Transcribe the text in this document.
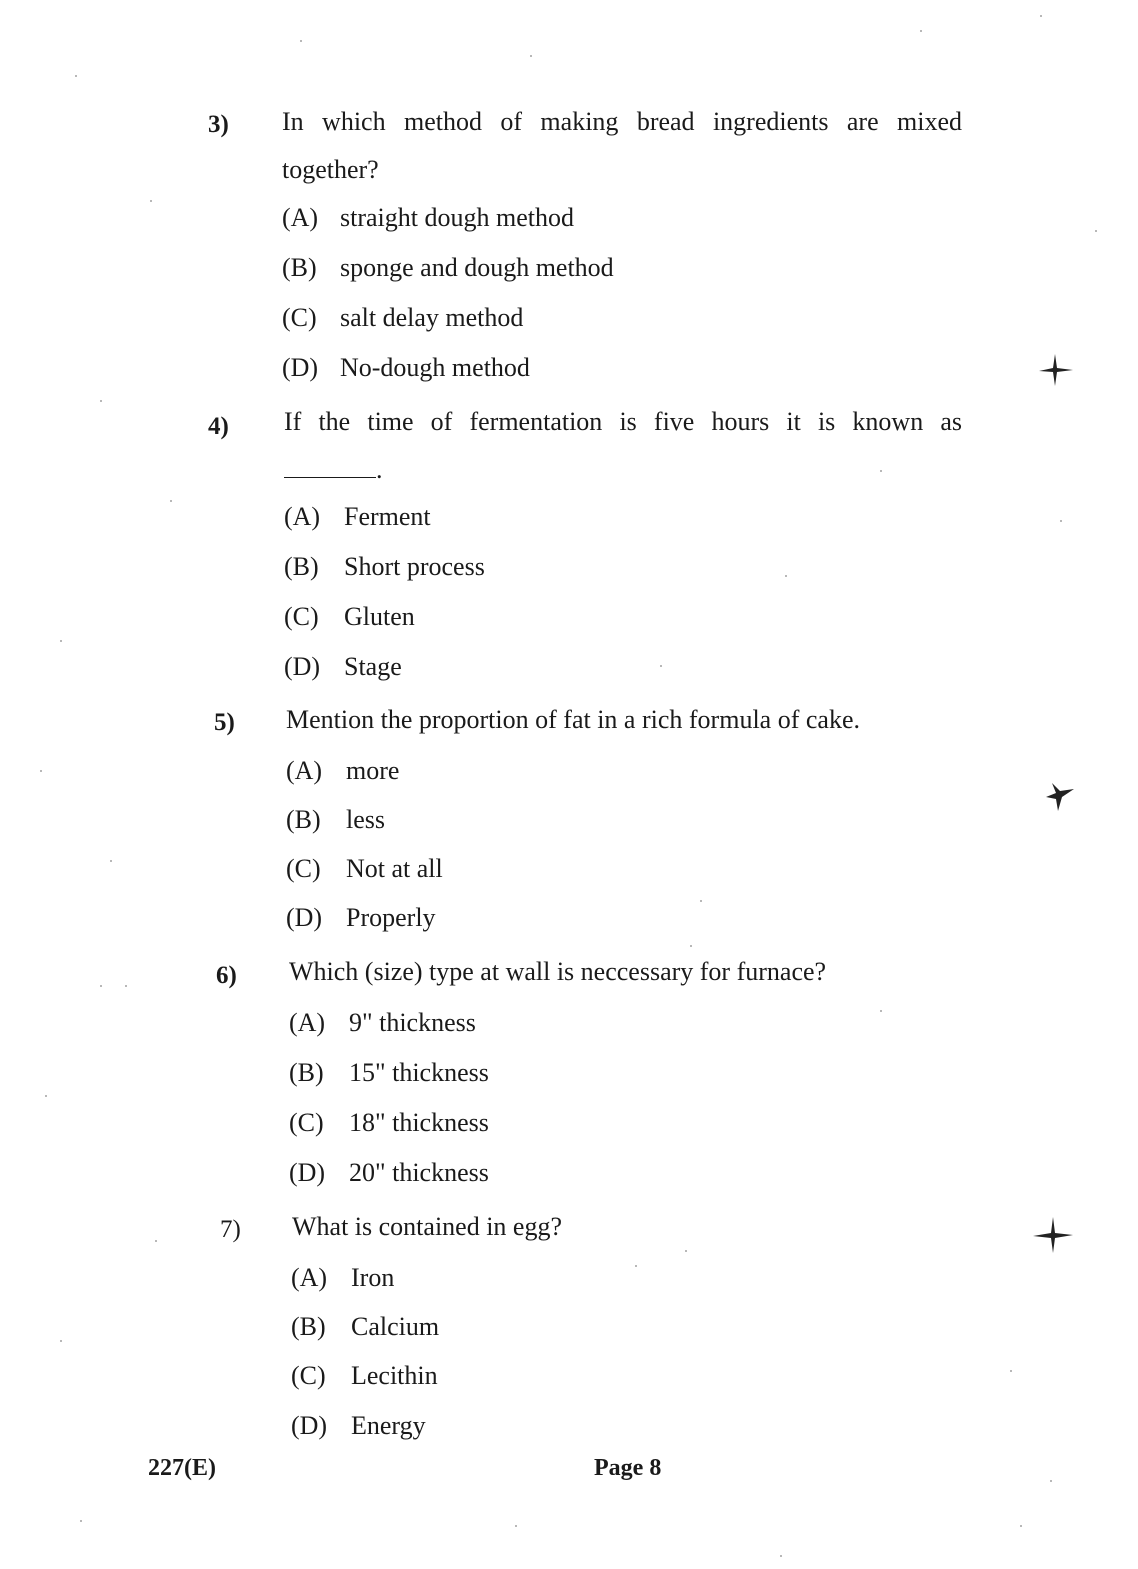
3) In which method of making bread ingredients are mixed
together?
(A) straight dough method
(B) sponge and dough method
(C) salt delay method
(D) No-dough method
4) If the time of fermentation is five hours it is known as
.
(A) Ferment
(B) Short process
(C) Gluten
(D) Stage
5) Mention the proportion of fat in a rich formula of cake.
(A) more
(B) less
(C) Not at all
(D) Properly
6) Which (size) type at wall is neccessary for furnace?
(A) 9" thickness
(B) 15" thickness
(C) 18" thickness
(D) 20" thickness
7) What is contained in egg?
(A) Iron
(B) Calcium
(C) Lecithin
(D) Energy
227(E)	Page 8
